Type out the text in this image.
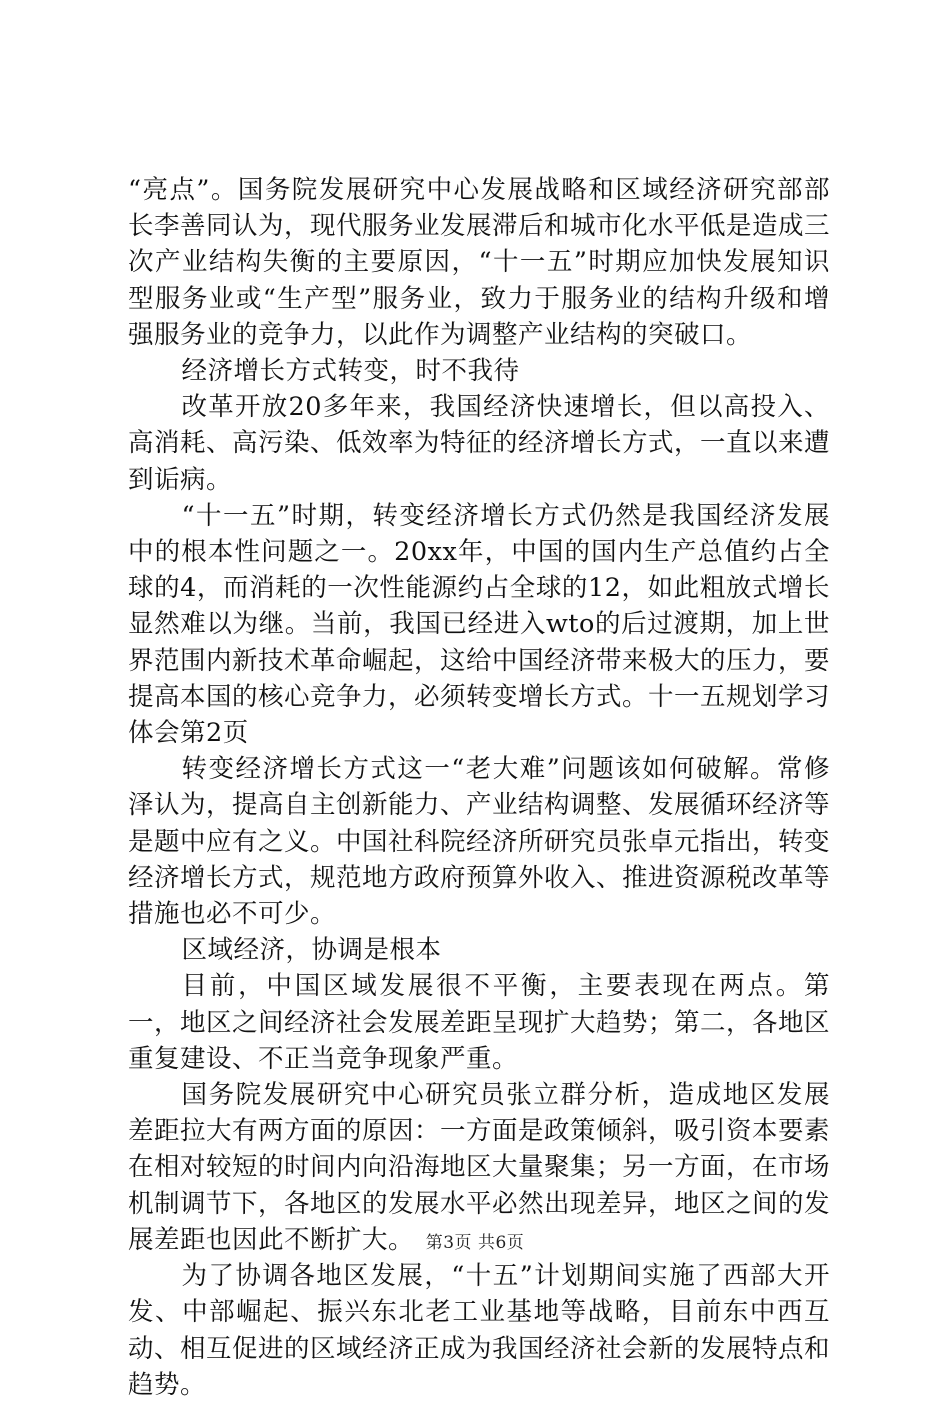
“亮点”。国务院发展研究中心发展战略和区域经济研究部部长李善同认为，现代服务业发展滞后和城市化水平低是造成三次产业结构失衡的主要原因，“十一五”时期应加快发展知识型服务业或“生产型”服务业，致力于服务业的结构升级和增强服务业的竞争力，以此作为调整产业结构的突破口。

经济增长方式转变，时不我待

改革开放20多年来，我国经济快速增长，但以高投入、高消耗、高污染、低效率为特征的经济增长方式，一直以来遭到诟病。

“十一五”时期，转变经济增长方式仍然是我国经济发展中的根本性问题之一。20xx年，中国的国内生产总值约占全球的4，而消耗的一次性能源约占全球的12，如此粗放式增长显然难以为继。当前，我国已经进入wto的后过渡期，加上世界范围内新技术革命崛起，这给中国经济带来极大的压力，要提高本国的核心竞争力，必须转变增长方式。十一五规划学习体会第2页

转变经济增长方式这一“老大难”问题该如何破解。常修泽认为，提高自主创新能力、产业结构调整、发展循环经济等是题中应有之义。中国社科院经济所研究员张卓元指出，转变经济增长方式，规范地方政府预算外收入、推进资源税改革等措施也必不可少。

区域经济，协调是根本

目前，中国区域发展很不平衡，主要表现在两点。第一，地区之间经济社会发展差距呈现扩大趋势；第二，各地区重复建设、不正当竞争现象严重。

国务院发展研究中心研究员张立群分析，造成地区发展差距拉大有两方面的原因：一方面是政策倾斜，吸引资本要素在相对较短的时间内向沿海地区大量聚集；另一方面，在市场机制调节下，各地区的发展水平必然出现差异，地区之间的发展差距也因此不断扩大。

为了协调各地区发展，“十五”计划期间实施了西部大开发、中部崛起、振兴东北老工业基地等战略，目前东中西互动、相互促进的区域经济正成为我国经济社会新的发展特点和趋势。

第3页 共6页
